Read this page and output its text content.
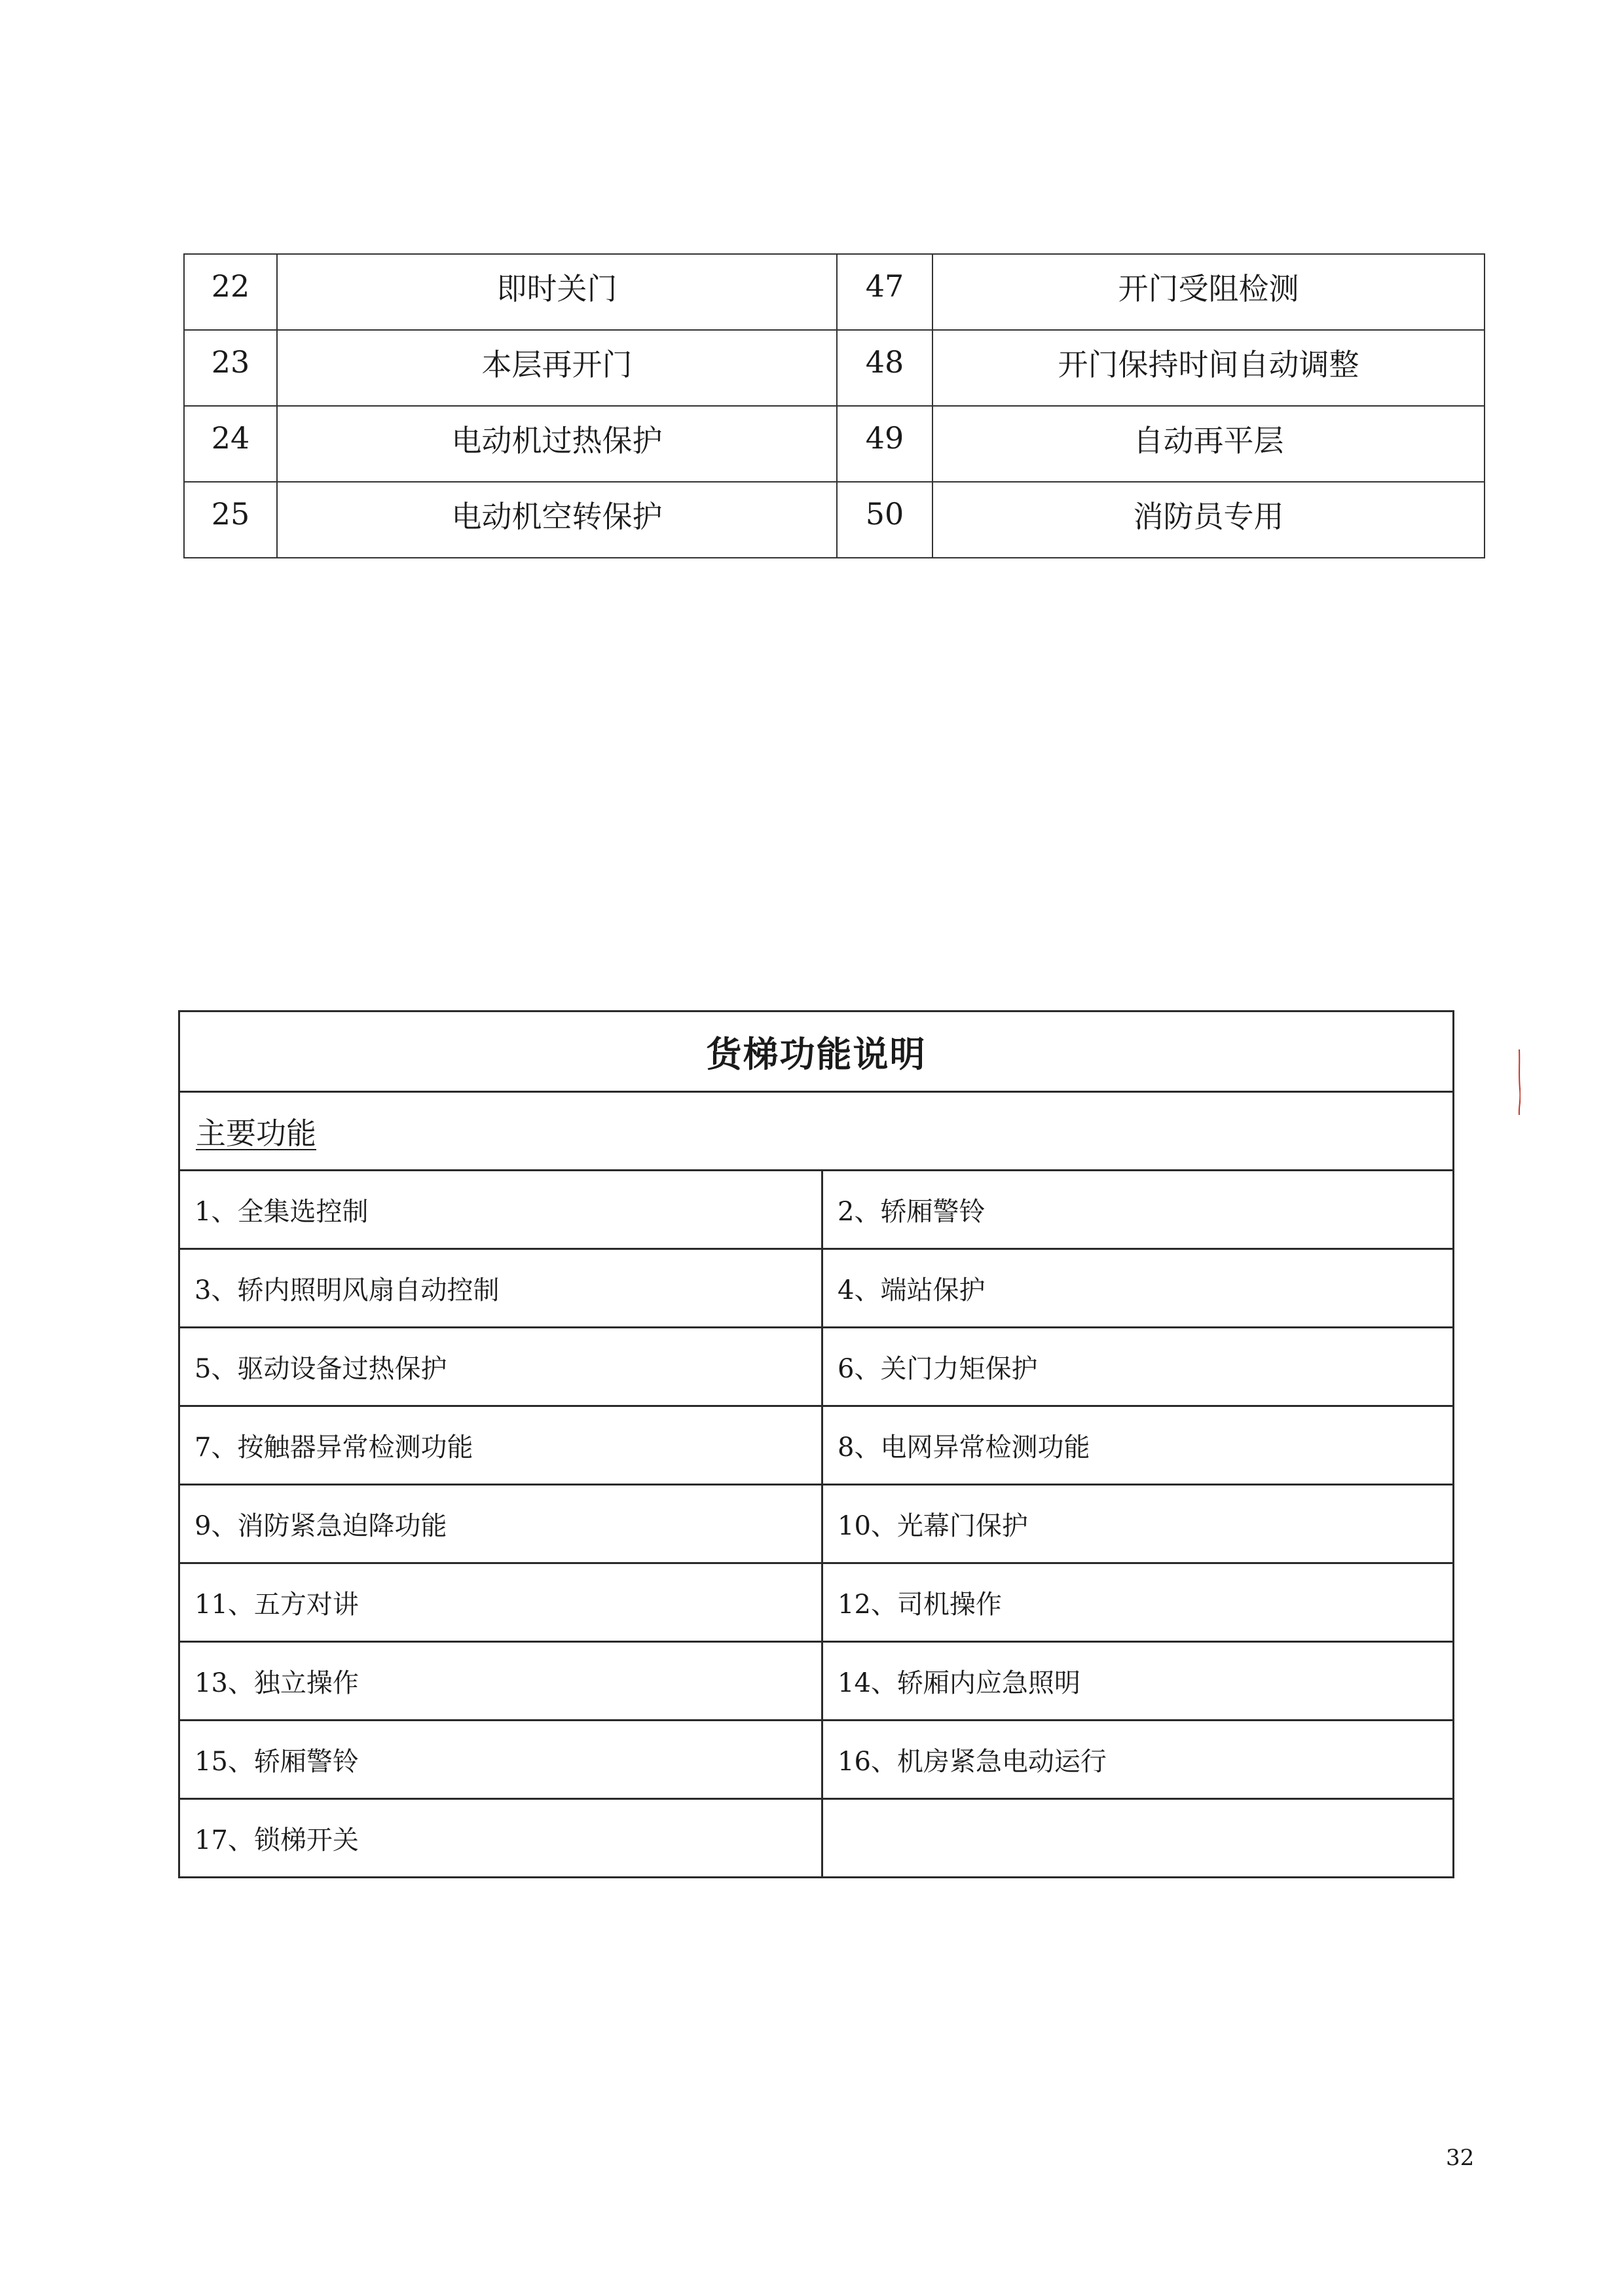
22	即时关门	47	开门受阻检测
23	本层再开门	48	开门保持时间自动调整
24	电动机过热保护	49	自动再平层
25	电动机空转保护	50	消防员专用
货梯功能说明	
主要功能	
1、全集选控制	2、轿厢警铃
3、轿内照明风扇自动控制	4、端站保护
5、驱动设备过热保护	6、关门力矩保护
7、按触器异常检测功能	8、电网异常检测功能
9、消防紧急迫降功能	10、光幕门保护
11、五方对讲	12、司机操作
13、独立操作	14、轿厢内应急照明
15、轿厢警铃	16、机房紧急电动运行
17、锁梯开关	
32
